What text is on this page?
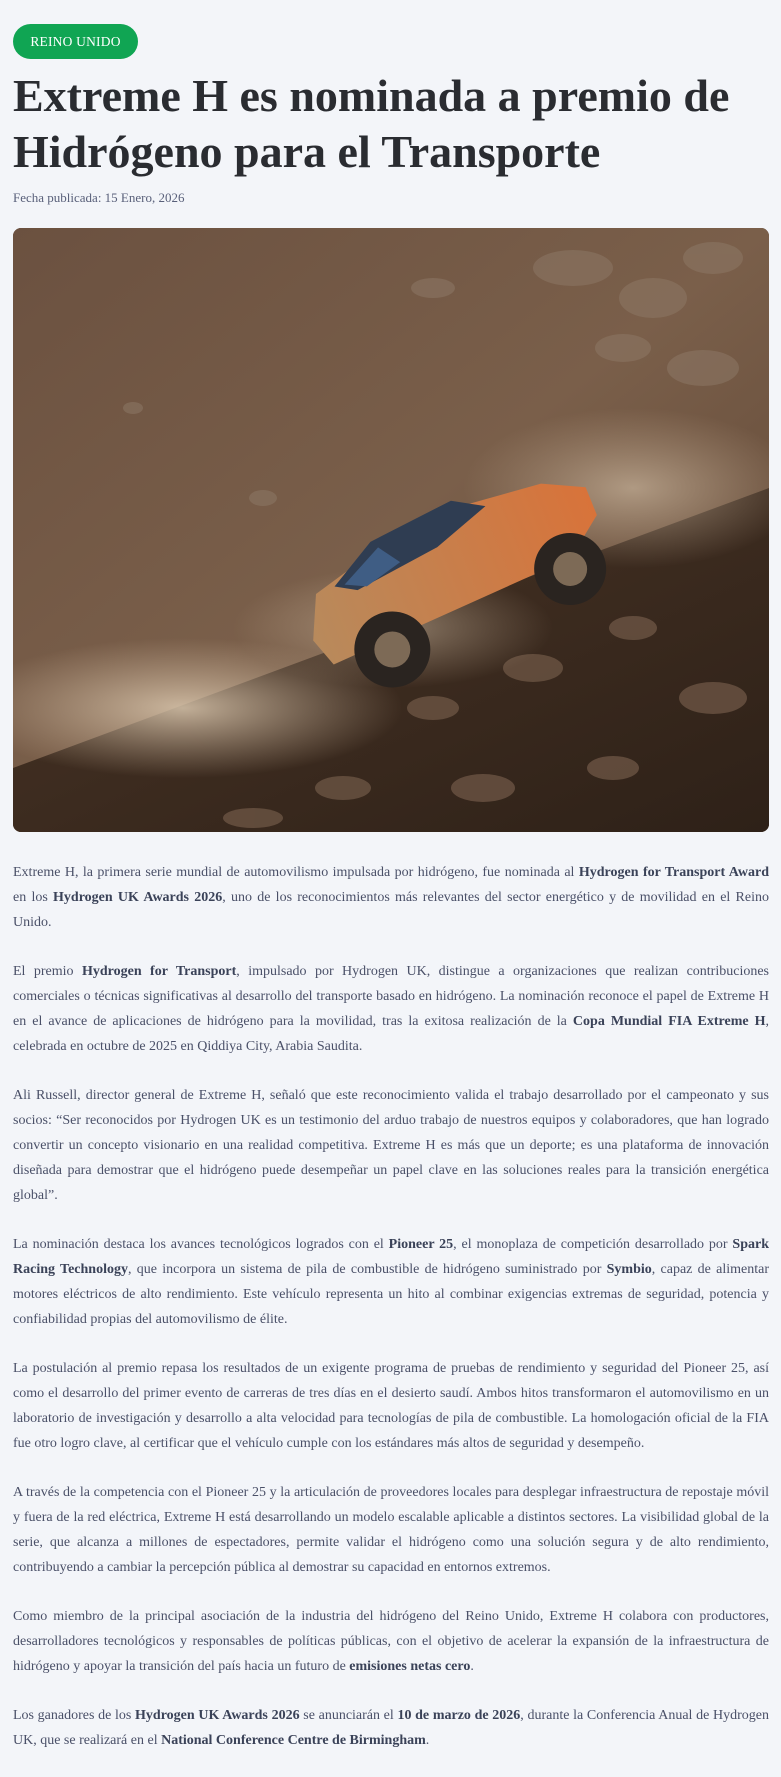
REINO UNIDO
Extreme H es nominada a premio de Hidrógeno para el Transporte
Fecha publicada: 15 Enero, 2026

Extreme H, la primera serie mundial de automovilismo impulsada por hidrógeno, fue nominada al Hydrogen for Transport Award en los Hydrogen UK Awards 2026, uno de los reconocimientos más relevantes del sector energético y de movilidad en el Reino Unido.

El premio Hydrogen for Transport, impulsado por Hydrogen UK, distingue a organizaciones que realizan contribuciones comerciales o técnicas significativas al desarrollo del transporte basado en hidrógeno. La nominación reconoce el papel de Extreme H en el avance de aplicaciones de hidrógeno para la movilidad, tras la exitosa realización de la Copa Mundial FIA Extreme H, celebrada en octubre de 2025 en Qiddiya City, Arabia Saudita.

Ali Russell, director general de Extreme H, señaló que este reconocimiento valida el trabajo desarrollado por el campeonato y sus socios: “Ser reconocidos por Hydrogen UK es un testimonio del arduo trabajo de nuestros equipos y colaboradores, que han logrado convertir un concepto visionario en una realidad competitiva. Extreme H es más que un deporte; es una plataforma de innovación diseñada para demostrar que el hidrógeno puede desempeñar un papel clave en las soluciones reales para la transición energética global”.

La nominación destaca los avances tecnológicos logrados con el Pioneer 25, el monoplaza de competición desarrollado por Spark Racing Technology, que incorpora un sistema de pila de combustible de hidrógeno suministrado por Symbio, capaz de alimentar motores eléctricos de alto rendimiento. Este vehículo representa un hito al combinar exigencias extremas de seguridad, potencia y confiabilidad propias del automovilismo de élite.

La postulación al premio repasa los resultados de un exigente programa de pruebas de rendimiento y seguridad del Pioneer 25, así como el desarrollo del primer evento de carreras de tres días en el desierto saudí. Ambos hitos transformaron el automovilismo en un laboratorio de investigación y desarrollo a alta velocidad para tecnologías de pila de combustible. La homologación oficial de la FIA fue otro logro clave, al certificar que el vehículo cumple con los estándares más altos de seguridad y desempeño.

A través de la competencia con el Pioneer 25 y la articulación de proveedores locales para desplegar infraestructura de repostaje móvil y fuera de la red eléctrica, Extreme H está desarrollando un modelo escalable aplicable a distintos sectores. La visibilidad global de la serie, que alcanza a millones de espectadores, permite validar el hidrógeno como una solución segura y de alto rendimiento, contribuyendo a cambiar la percepción pública al demostrar su capacidad en entornos extremos.

Como miembro de la principal asociación de la industria del hidrógeno del Reino Unido, Extreme H colabora con productores, desarrolladores tecnológicos y responsables de políticas públicas, con el objetivo de acelerar la expansión de la infraestructura de hidrógeno y apoyar la transición del país hacia un futuro de emisiones netas cero.

Los ganadores de los Hydrogen UK Awards 2026 se anunciarán el 10 de marzo de 2026, durante la Conferencia Anual de Hydrogen UK, que se realizará en el National Conference Centre de Birmingham.
